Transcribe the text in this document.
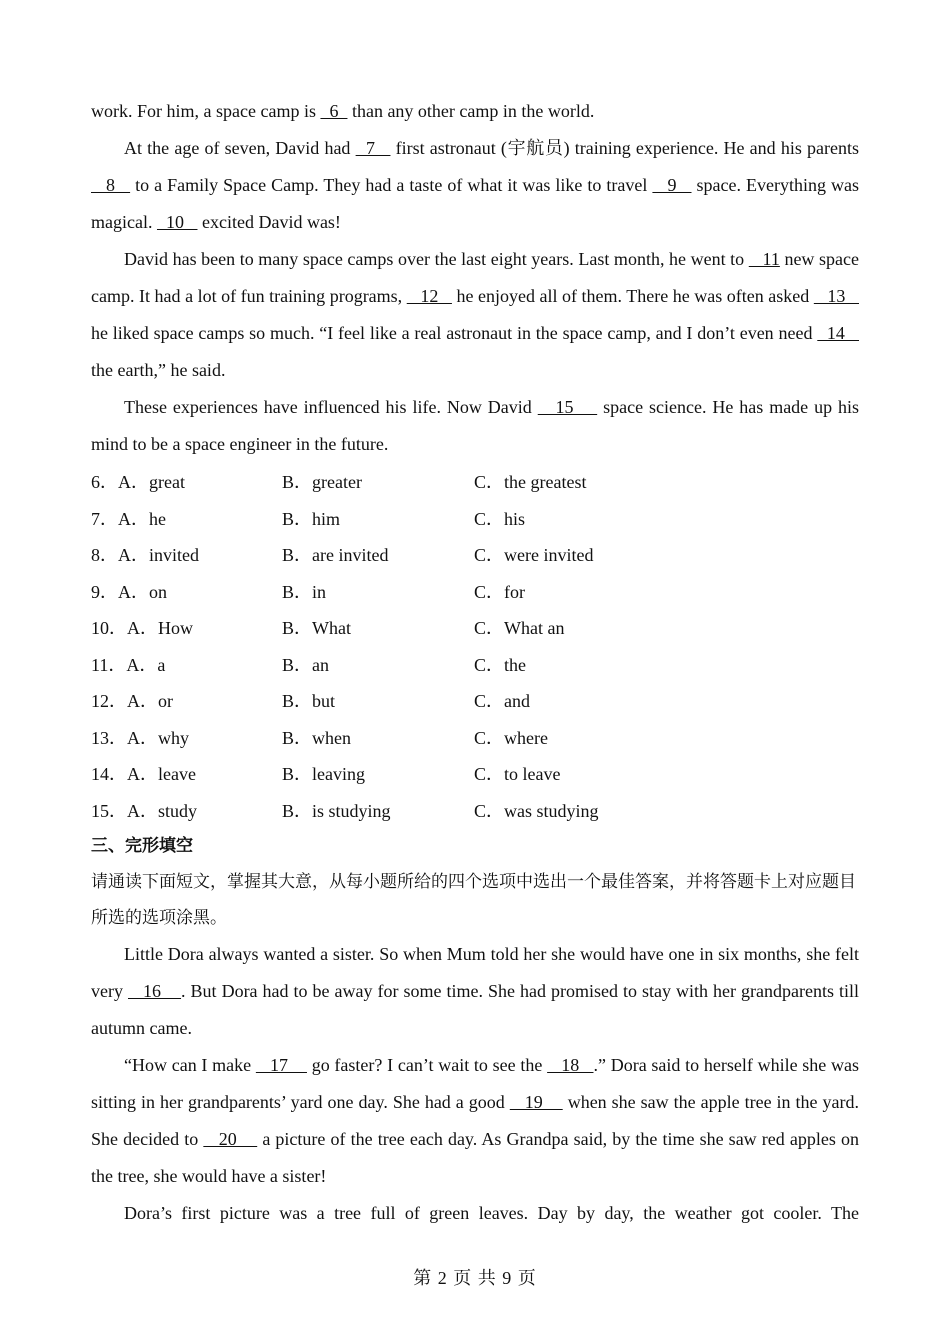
work. For him, a space camp is   6   than any other camp in the world.

At the age of seven, David had   7    first astronaut (宇航员) training experience. He and his parents    8    to a Family Space Camp. They had a taste of what it was like to travel    9    space. Everything was magical.   10    excited David was!

David has been to many space camps over the last eight years. Last month, he went to    11 new space camp. It had a lot of fun training programs,    12    he enjoyed all of them. There he was often asked    13    he liked space camps so much. “I feel like a real astronaut in the space camp, and I don’t even need   14    the earth,” he said.

These experiences have influenced his life. Now David    15     space science. He has made up his mind to be a space engineer in the future.

6．A．great	B．greater	C．the greatest
7．A．he	B．him	C．his
8．A．invited	B．are invited	C．were invited
9．A．on	B．in	C．for
10．A．How	B．What	C．What an
11．A．a	B．an	C．the
12．A．or	B．but	C．and
13．A．why	B．when	C．where
14．A．leave	B．leaving	C．to leave
15．A．study	B．is studying	C．was studying
三、完形填空
请通读下面短文，掌握其大意，从每小题所给的四个选项中选出一个最佳答案，并将答题卡上对应题目所选的选项涂黑。

Little Dora always wanted a sister. So when Mum told her she would have one in six months, she felt very    16    . But Dora had to be away for some time. She had promised to stay with her grandparents till autumn came.

“How can I make    17     go faster? I can’t wait to see the    18   .” Dora said to herself while she was sitting in her grandparents’ yard one day. She had a good    19     when she saw the apple tree in the yard. She decided to    20     a picture of the tree each day. As Grandpa said, by the time she saw red apples on the tree, she would have a sister!

Dora’s first picture was a tree full of green leaves. Day by day, the weather got cooler. The

第 2 页 共 9 页
